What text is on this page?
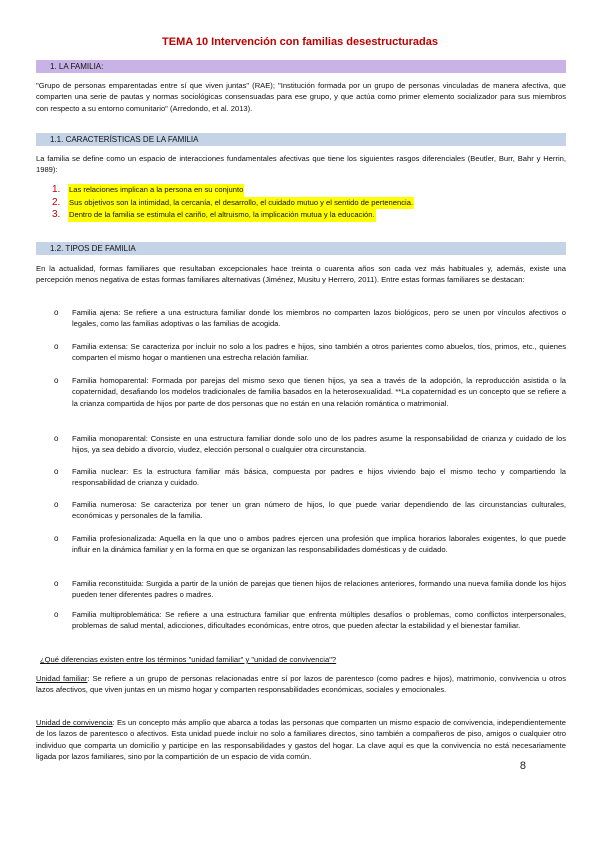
TEMA 10 Intervención con familias desestructuradas
1. LA FAMILIA:

"Grupo de personas emparentadas entre sí que viven juntas" (RAE); "Institución formada por un grupo de personas vinculadas de manera afectiva, que comparten una serie de pautas y normas sociológicas consensuadas para ese grupo, y que actúa como primer elemento socializador para sus miembros con respecto a su entorno comunitario" (Arredondo, et al. 2013).

1.1. CARACTERÍSTICAS DE LA FAMILIA

La familia se define como un espacio de interacciones fundamentales afectivas que tiene los siguientes rasgos diferenciales (Beutler, Burr, Bahr y Herrin, 1989):

1.	Las relaciones implican a la persona en su conjunto
2.	Sus objetivos son la intimidad, la cercanía, el desarrollo, el cuidado mutuo y el sentido de pertenencia.
3.	Dentro de la familia se estimula el cariño, el altruismo, la implicación mutua y la educación.
1.2. TIPOS DE FAMILIA

En la actualidad, formas familiares que resultaban excepcionales hace treinta o cuarenta años son cada vez más habituales y, además, existe una percepción menos negativa de estas formas familiares alternativas (Jiménez, Musitu y Herrero, 2011). Entre estas formas familiares se destacan:

o	Familia ajena: Se refiere a una estructura familiar donde los miembros no comparten lazos biológicos, pero se unen por vínculos afectivos o legales, como las familias adoptivas o las familias de acogida.
o	Familia extensa: Se caracteriza por incluir no solo a los padres e hijos, sino también a otros parientes como abuelos, tíos, primos, etc., quienes comparten el mismo hogar o mantienen una estrecha relación familiar.
o	Familia homoparental: Formada por parejas del mismo sexo que tienen hijos, ya sea a través de la adopción, la reproducción asistida o la copaternidad, desafiando los modelos tradicionales de familia basados en la heterosexualidad. **La copaternidad es un concepto que se refiere a la crianza compartida de hijos por parte de dos personas que no están en una relación romántica o matrimonial.
o	Familia monoparental: Consiste en una estructura familiar donde solo uno de los padres asume la responsabilidad de crianza y cuidado de los hijos, ya sea debido a divorcio, viudez, elección personal o cualquier otra circunstancia.
o	Familia nuclear: Es la estructura familiar más básica, compuesta por padres e hijos viviendo bajo el mismo techo y compartiendo la responsabilidad de crianza y cuidado.
o	Familia numerosa: Se caracteriza por tener un gran número de hijos, lo que puede variar dependiendo de las circunstancias culturales, económicas y personales de la familia.
o	Familia profesionalizada: Aquella en la que uno o ambos padres ejercen una profesión que implica horarios laborales exigentes, lo que puede influir en la dinámica familiar y en la forma en que se organizan las responsabilidades domésticas y de cuidado.
o	Familia reconstituida: Surgida a partir de la unión de parejas que tienen hijos de relaciones anteriores, formando una nueva familia donde los hijos pueden tener diferentes padres o madres.
o	Familia multiproblemática: Se refiere a una estructura familiar que enfrenta múltiples desafíos o problemas, como conflictos interpersonales, problemas de salud mental, adicciones, dificultades económicas, entre otros, que pueden afectar la estabilidad y el bienestar familiar.
¿Qué diferencias existen entre los términos "unidad familiar" y "unidad de convivencia"?

Unidad familiar: Se refiere a un grupo de personas relacionadas entre sí por lazos de parentesco (como padres e hijos), matrimonio, convivencia u otros lazos afectivos, que viven juntas en un mismo hogar y comparten responsabilidades económicas, sociales y emocionales.

Unidad de convivencia: Es un concepto más amplio que abarca a todas las personas que comparten un mismo espacio de convivencia, independientemente de los lazos de parentesco o afectivos. Esta unidad puede incluir no solo a familiares directos, sino también a compañeros de piso, amigos o cualquier otro individuo que comparta un domicilio y participe en las responsabilidades y gastos del hogar. La clave aquí es que la convivencia no está necesariamente ligada por lazos familiares, sino por la compartición de un espacio de vida común.

8
